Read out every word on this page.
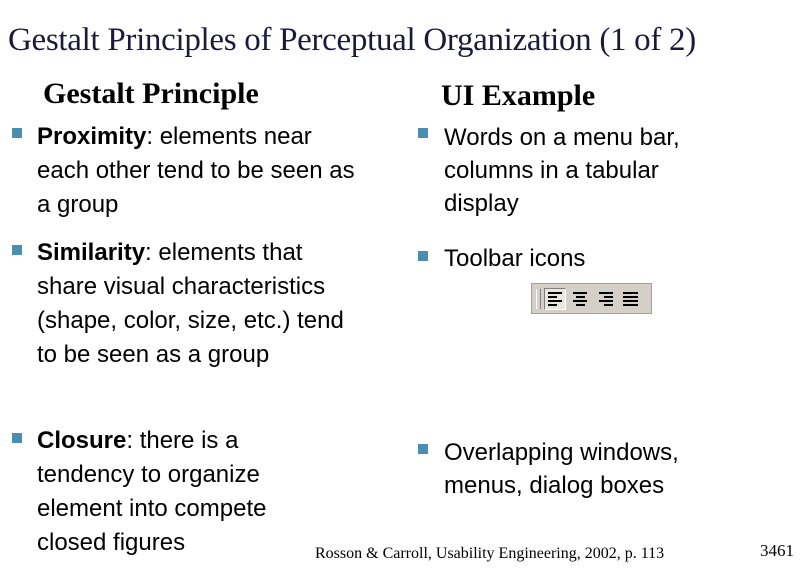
Gestalt Principles of Perceptual Organization (1 of 2)
Gestalt Principle	UI Example
Proximity: elements near each other tend to be seen as a group
Similarity: elements that share visual characteristics (shape, color, size, etc.) tend to be seen as a group
Closure: there is a tendency to organize element into compete closed figures
Words on a menu bar,
columns in a tabular
display
Toolbar icons
Overlapping windows,
menus, dialog boxes
Rosson & Carroll, Usability Engineering, 2002, p. 113	3461
